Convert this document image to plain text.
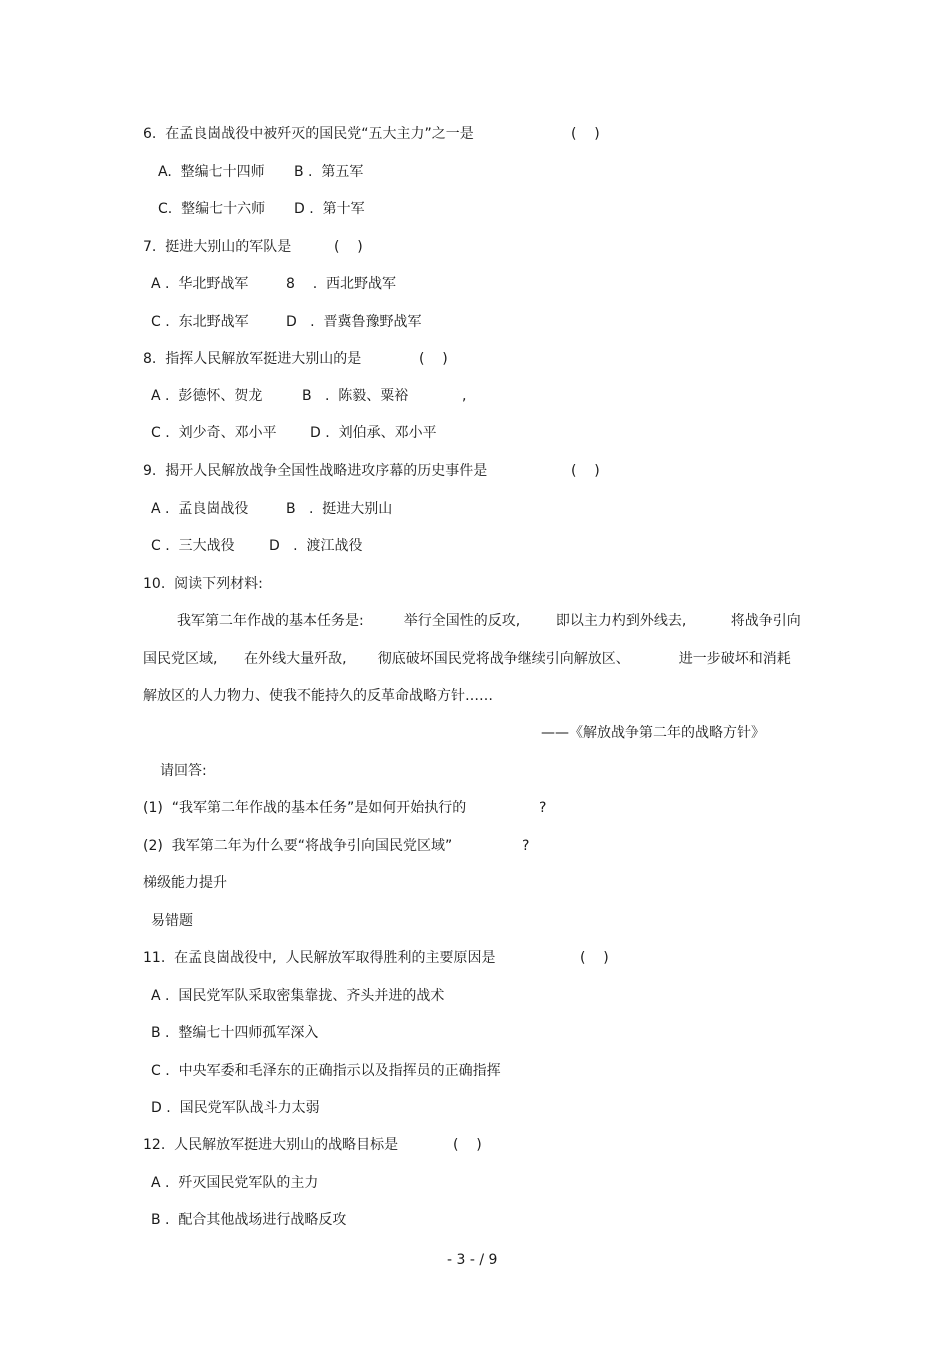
6.  在孟良崮战役中被歼灭的国民党“五大主力”之一是	(    )
A.  整编七十四师 B .  第五军
C.  整编七十六师 D .  第十军
7.  挺进大别山的军队是	(    )
A .  华北野战军	8    .  西北野战军
C .  东北野战军	D   .  晋冀鲁豫野战军
8.  指挥人民解放军挺进大别山的是	(    )
A .  彭德怀、贺龙	B   .  陈毅、粟裕	,
C .  刘少奇、邓小平 D .  刘伯承、邓小平
9.  揭开人民解放战争全国性战略进攻序幕的历史事件是	(    )
A .  孟良崮战役	B   .  挺进大别山
C .  三大战役 D   .  渡江战役
10.  阅读下列材料:
我军第二年作战的基本任务是:         举行全国性的反攻,        即以主力杓到外线去,          将战争引向
国民党区域,      在外线大量歼敌,       彻底破坏国民党将战争继续引向解放区、           进一步破坏和消耗
解放区的人力物力、使我不能持久的反革命战略方针……
——《解放战争第二年的战略方针》
请回答:
(1)  “我军第二年作战的基本任务”是如何开始执行的	?
(2)  我军第二年为什么要“将战争引向国民党区域”	?
梯级能力提升
易错题
11.  在孟良崮战役中,  人民解放军取得胜利的主要原因是	(    )
A .  国民党军队采取密集靠拢、齐头并进的战术
B .  整编七十四师孤军深入
C .  中央军委和毛泽东的正确指示以及指挥员的正确指挥
D .  国民党军队战斗力太弱
12.  人民解放军挺进大别山的战略目标是	(    )
A .  歼灭国民党军队的主力
B .  配合其他战场进行战略反攻
- 3 - / 9
